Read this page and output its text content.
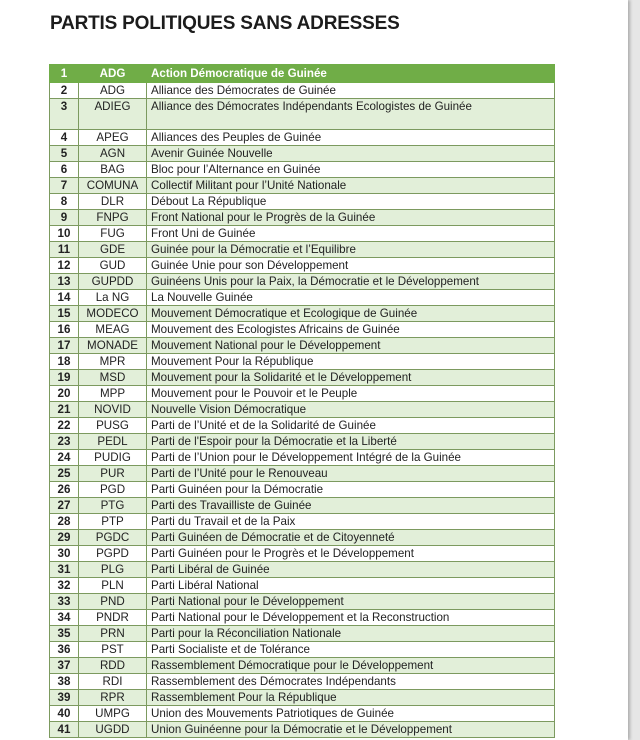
PARTIS POLITIQUES SANS ADRESSES
1	ADG	Action Démocratique de Guinée
2	ADG	Alliance des Démocrates de Guinée
3	ADIEG	Alliance des Démocrates Indépendants Ecologistes de Guinée
4	APEG	Alliances des Peuples de Guinée
5	AGN	Avenir Guinée Nouvelle
6	BAG	Bloc pour l’Alternance en Guinée
7	COMUNA	Collectif Militant pour l’Unité Nationale
8	DLR	Débout La République
9	FNPG	Front National pour le Progrès de la Guinée
10	FUG	Front Uni de Guinée
11	GDE	Guinée pour la Démocratie et l’Equilibre
12	GUD	Guinée Unie pour son Développement
13	GUPDD	Guinéens Unis pour la Paix, la Démocratie et le Développement
14	La NG	La Nouvelle Guinée
15	MODECO	Mouvement Démocratique et Ecologique de Guinée
16	MEAG	Mouvement des Ecologistes Africains de Guinée
17	MONADE	Mouvement National pour le Développement
18	MPR	Mouvement Pour la République
19	MSD	Mouvement pour la Solidarité et le Développement
20	MPP	Mouvement pour le Pouvoir et le Peuple
21	NOVID	Nouvelle Vision Démocratique
22	PUSG	Parti de l’Unité et de la Solidarité de Guinée
23	PEDL	Parti de l'Espoir pour la Démocratie et la Liberté
24	PUDIG	Parti de l’Union pour le Développement Intégré de la Guinée
25	PUR	Parti de l’Unité pour le Renouveau
26	PGD	Parti Guinéen pour la Démocratie
27	PTG	Parti des Travailliste de Guinée
28	PTP	Parti du Travail et de la Paix
29	PGDC	Parti Guinéen de Démocratie et de Citoyenneté
30	PGPD	Parti Guinéen pour le Progrès et le Développement
31	PLG	Parti Libéral de Guinée
32	PLN	Parti Libéral National
33	PND	Parti National pour le Développement
34	PNDR	Parti National pour le Développement et la Reconstruction
35	PRN	Parti pour la Réconciliation Nationale
36	PST	Parti Socialiste et de Tolérance
37	RDD	Rassemblement Démocratique pour le Développement
38	RDI	Rassemblement des Démocrates Indépendants
39	RPR	Rassemblement Pour la République
40	UMPG	Union des Mouvements Patriotiques de Guinée
41	UGDD	Union Guinéenne pour la Démocratie et le Développement
